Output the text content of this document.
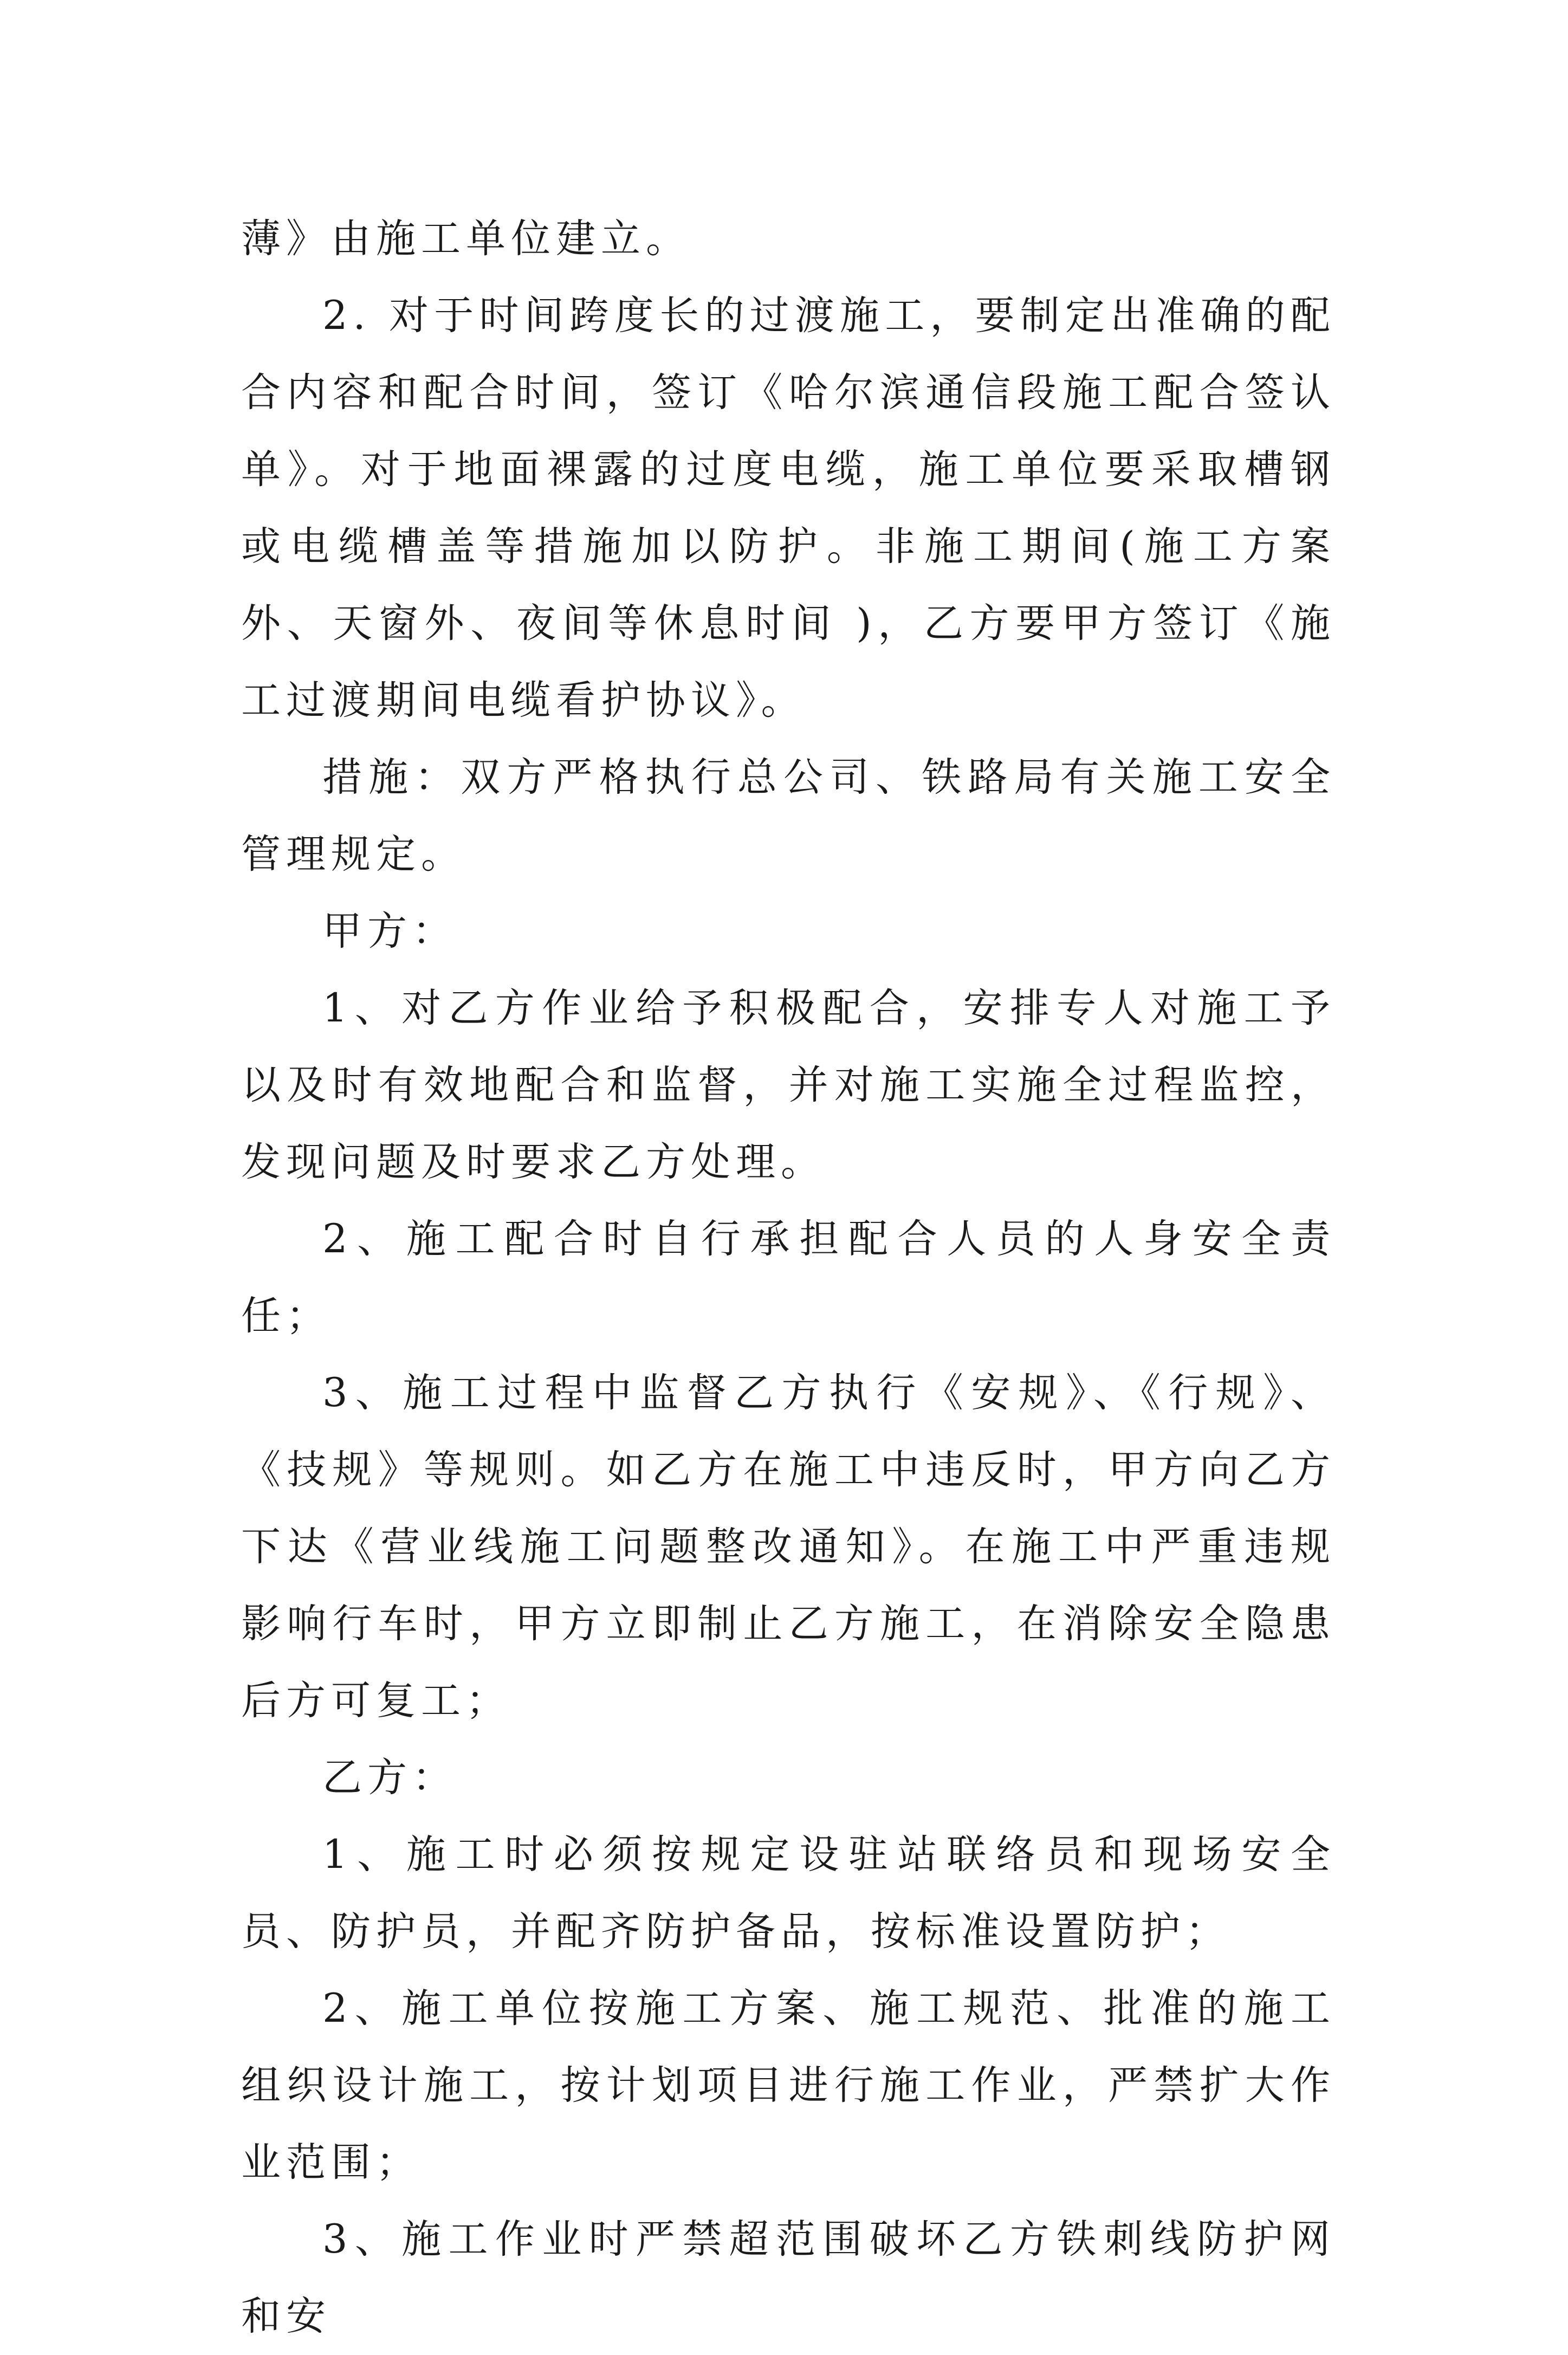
薄》由施工单位建立。

2. 对于时间跨度长的过渡施工，要制定出准确的配合内容和配合时间，签订《哈尔滨通信段施工配合签认单》。对于地面裸露的过度电缆，施工单位要采取槽钢或电缆槽盖等措施加以防护。非施工期间(施工方案外、天窗外、夜间等休息时间 )，乙方要甲方签订《施工过渡期间电缆看护协议》。

措施：双方严格执行总公司、铁路局有关施工安全管理规定。

甲方：

1、对乙方作业给予积极配合，安排专人对施工予以及时有效地配合和监督，并对施工实施全过程监控，发现问题及时要求乙方处理。

2、施工配合时自行承担配合人员的人身安全责任；

3、施工过程中监督乙方执行《安规》、《行规》、《技规》等规则。如乙方在施工中违反时，甲方向乙方下达《营业线施工问题整改通知》。在施工中严重违规影响行车时，甲方立即制止乙方施工，在消除安全隐患后方可复工；

乙方：

1、施工时必须按规定设驻站联络员和现场安全员、防护员，并配齐防护备品，按标准设置防护；

2、施工单位按施工方案、施工规范、批准的施工组织设计施工，按计划项目进行施工作业，严禁扩大作业范围；

3、施工作业时严禁超范围破坏乙方铁刺线防护网和安
